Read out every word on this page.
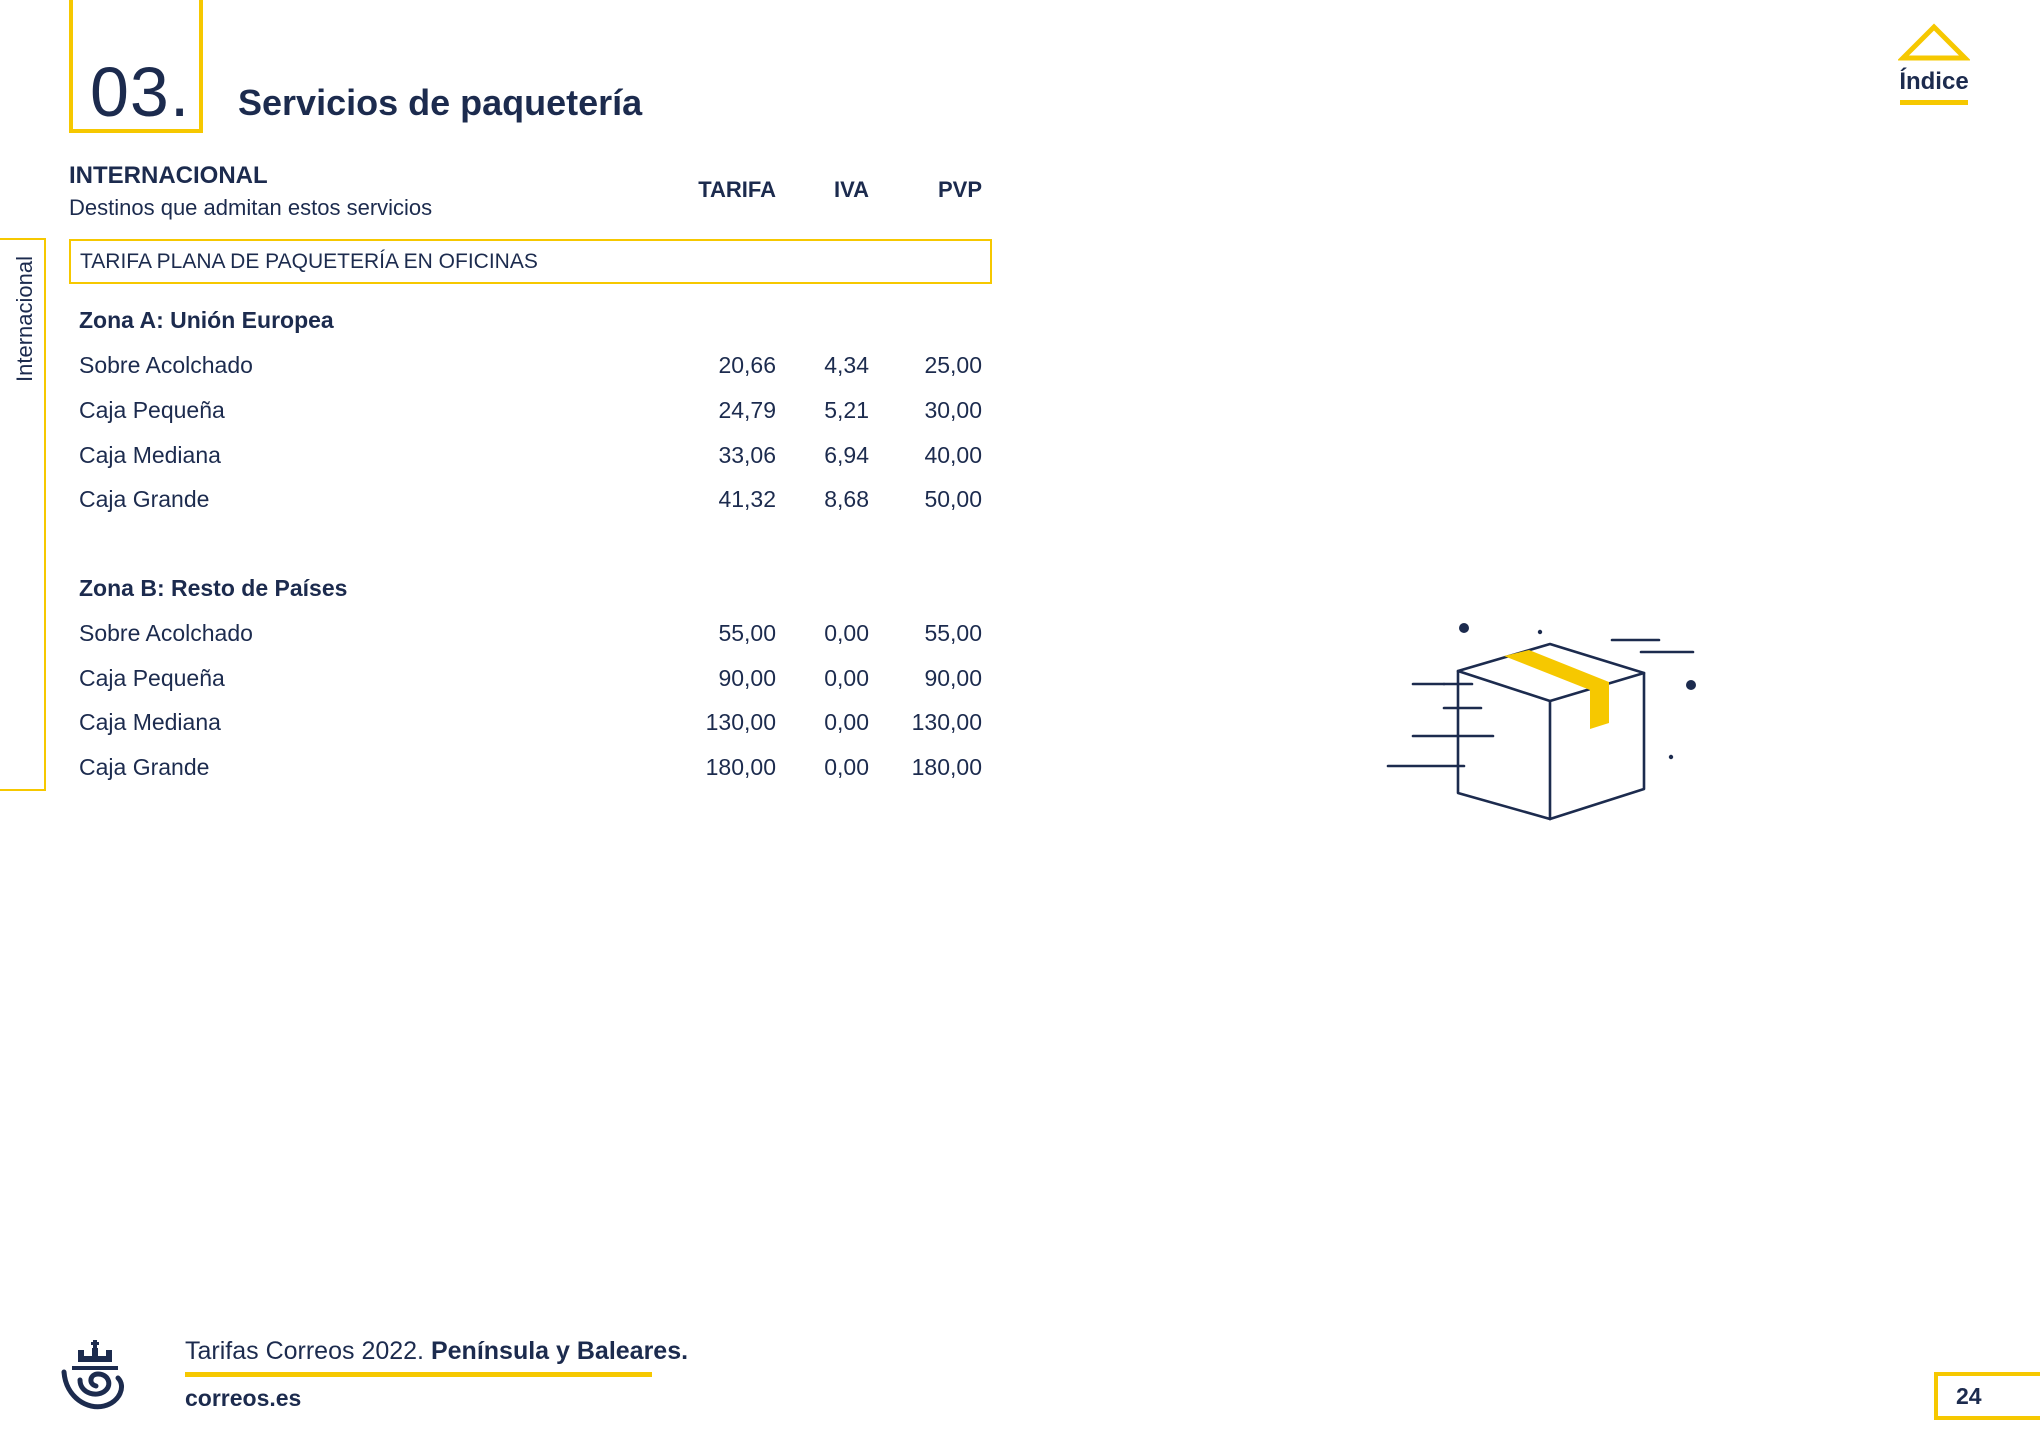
03. Servicios de paquetería
Índice
Internacional
INTERNACIONAL
Destinos que admitan estos servicios
TARIFA	IVA	PVP
TARIFA PLANA DE PAQUETERÍA EN OFICINAS
Zona A: Unión Europea
Sobre Acolchado	20,66	4,34	25,00
Caja Pequeña	24,79	5,21	30,00
Caja Mediana	33,06	6,94	40,00
Caja Grande	41,32	8,68	50,00
Zona B: Resto de Países
Sobre Acolchado	55,00	0,00	55,00
Caja Pequeña	90,00	0,00	90,00
Caja Mediana	130,00	0,00	130,00
Caja Grande	180,00	0,00	180,00
Tarifas Correos 2022. Península y Baleares.
correos.es	24
